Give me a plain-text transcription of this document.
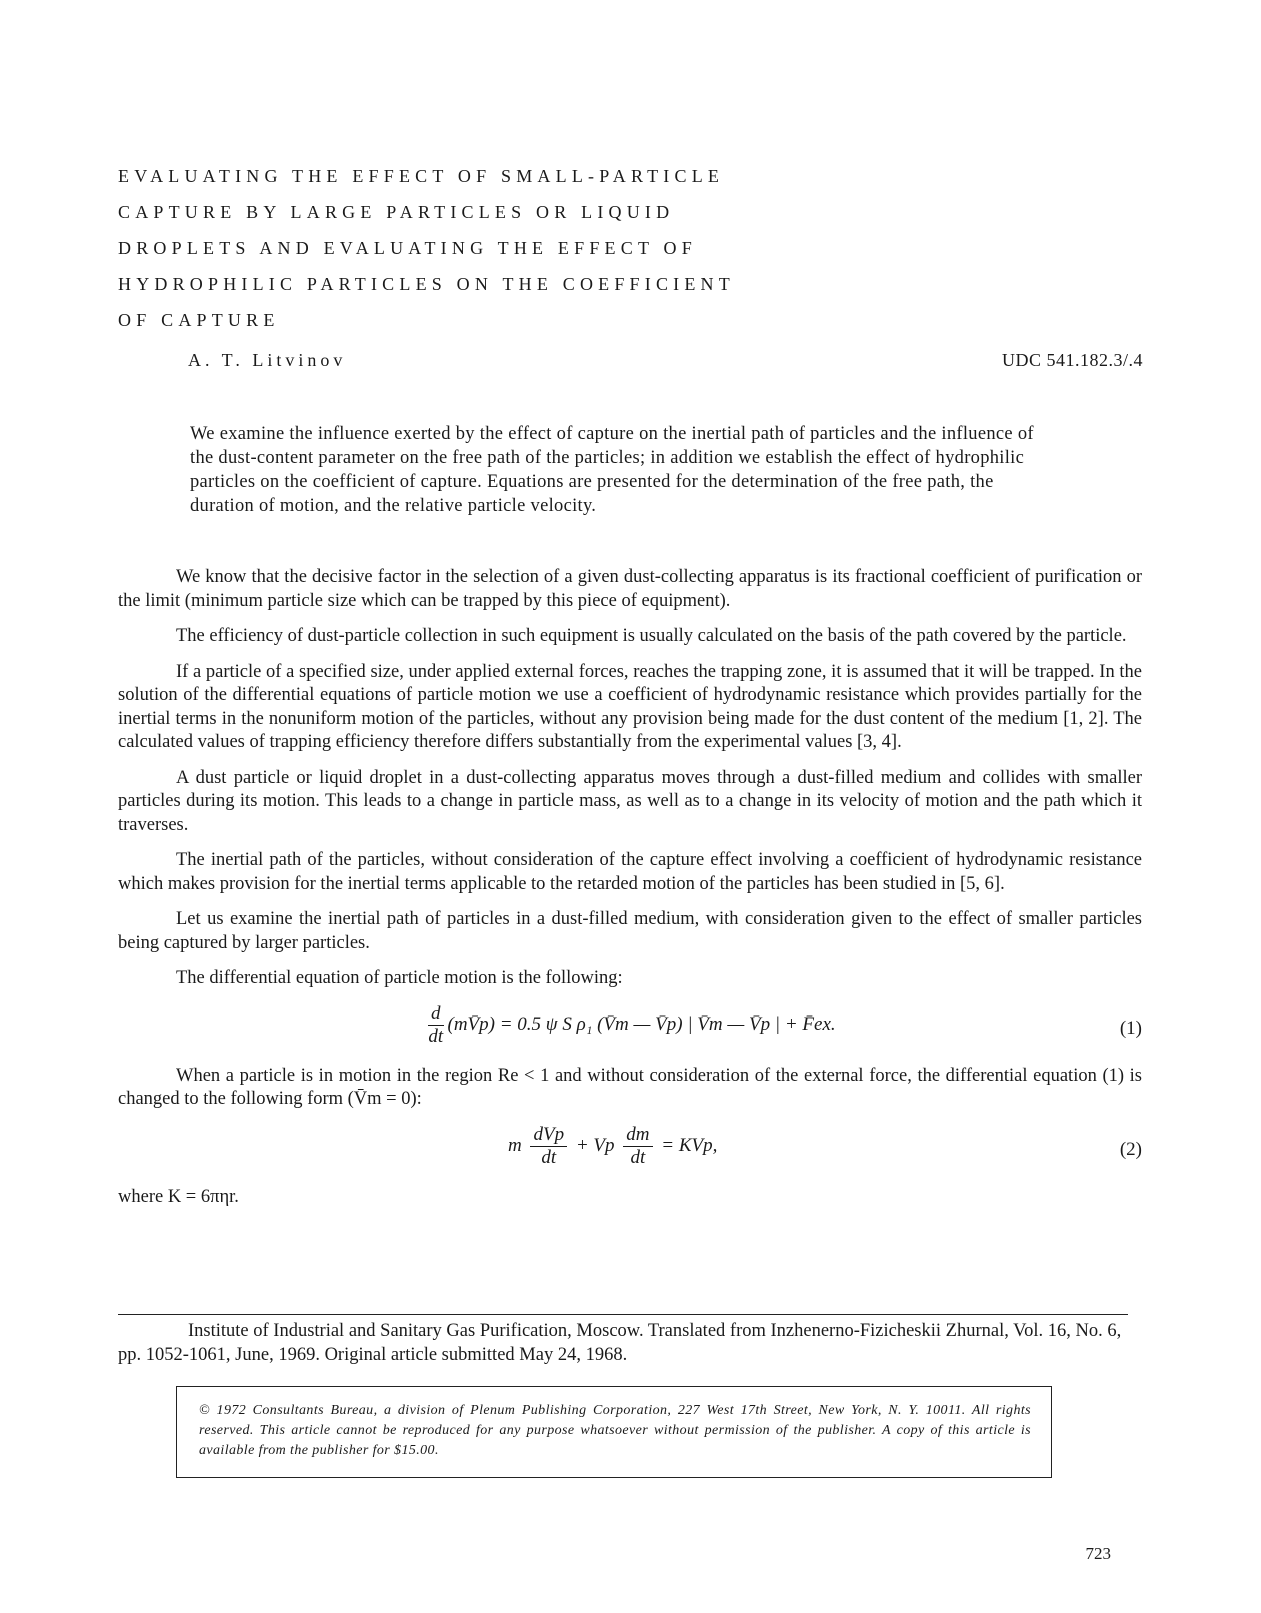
EVALUATING THE EFFECT OF SMALL-PARTICLE
CAPTURE BY LARGE PARTICLES OR LIQUID
DROPLETS AND EVALUATING THE EFFECT OF
HYDROPHILIC PARTICLES ON THE COEFFICIENT
OF CAPTURE
A. T. Litvinov	UDC 541.182.3/.4
We examine the influence exerted by the effect of capture on the inertial path of particles and the influence of the dust-content parameter on the free path of the particles; in addition we establish the effect of hydrophilic particles on the coefficient of capture. Equations are presented for the determination of the free path, the duration of motion, and the relative particle velocity.

We know that the decisive factor in the selection of a given dust-collecting apparatus is its fractional coefficient of purification or the limit (minimum particle size which can be trapped by this piece of equipment).

The efficiency of dust-particle collection in such equipment is usually calculated on the basis of the path covered by the particle.

If a particle of a specified size, under applied external forces, reaches the trapping zone, it is assumed that it will be trapped. In the solution of the differential equations of particle motion we use a coefficient of hydrodynamic resistance which provides partially for the inertial terms in the nonuniform motion of the particles, without any provision being made for the dust content of the medium [1, 2]. The calculated values of trapping efficiency therefore differs substantially from the experimental values [3, 4].

A dust particle or liquid droplet in a dust-collecting apparatus moves through a dust-filled medium and collides with smaller particles during its motion. This leads to a change in particle mass, as well as to a change in its velocity of motion and the path which it traverses.

The inertial path of the particles, without consideration of the capture effect involving a coefficient of hydrodynamic resistance which makes provision for the inertial terms applicable to the retarded motion of the particles has been studied in [5, 6].

Let us examine the inertial path of particles in a dust-filled medium, with consideration given to the effect of smaller particles being captured by larger particles.

The differential equation of particle motion is the following:

$\frac{d}{dt}$ (mV̄p) = 0.5 ψ S ρ₁ (V̄m — V̄p) | V̄m — V̄p | + F̄ex.	(1)

When a particle is in motion in the region Re < 1 and without consideration of the external force, the differential equation (1) is changed to the following form (V̄m = 0):

m $\frac{\text{dVp}}{dt} + Vp \frac{dm}{dt}$ = KVp,	(2)

where K = 6πηr.

Institute of Industrial and Sanitary Gas Purification, Moscow. Translated from Inzhenerno-Fizicheskii Zhurnal, Vol. 16, No. 6, pp. 1052-1061, June, 1969. Original article submitted May 24, 1968.

© 1972 Consultants Bureau, a division of Plenum Publishing Corporation, 227 West 17th Street, New York, N. Y. 10011. All rights reserved. This article cannot be reproduced for any purpose whatsoever without permission of the publisher. A copy of this article is available from the publisher for $15.00.
723
